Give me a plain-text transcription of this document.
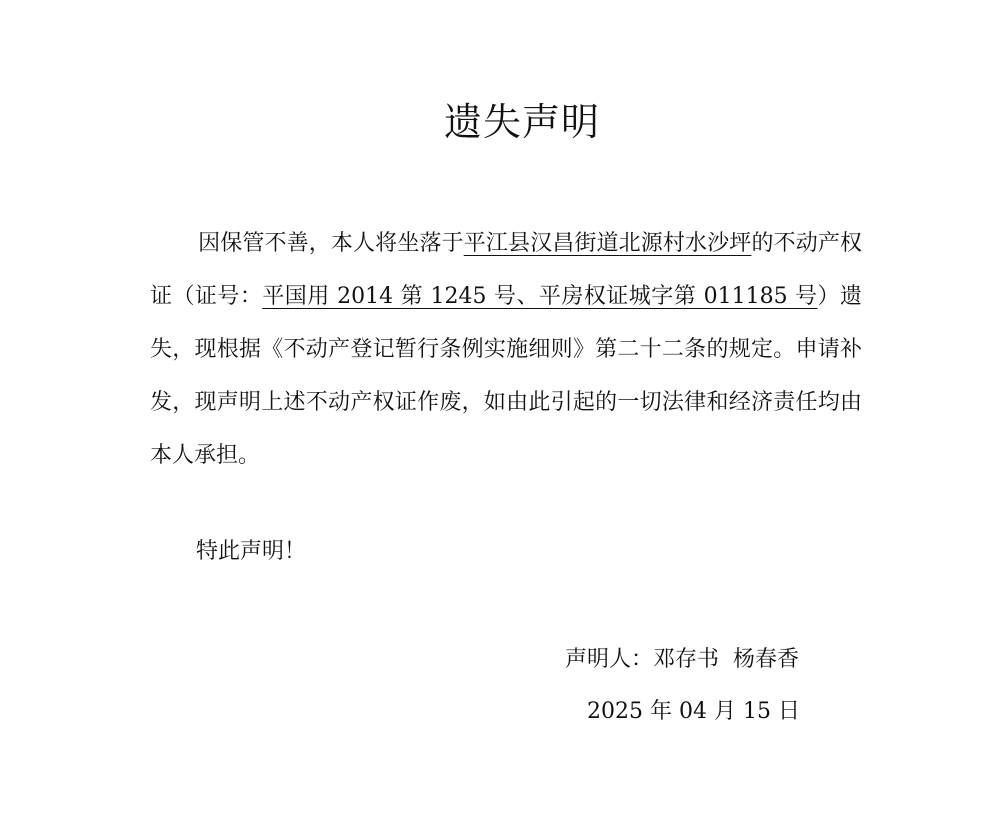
遗失声明

因保管不善，本人将坐落于平江县汉昌街道北源村水沙坪的不动产权证（证号：平国用 2014 第 1245 号、平房权证城字第 011185 号）遗失，现根据《不动产登记暂行条例实施细则》第二十二条的规定。申请补发，现声明上述不动产权证作废，如由此引起的一切法律和经济责任均由本人承担。

特此声明！

声明人：邓存书  杨春香
2025 年 04 月 15 日
